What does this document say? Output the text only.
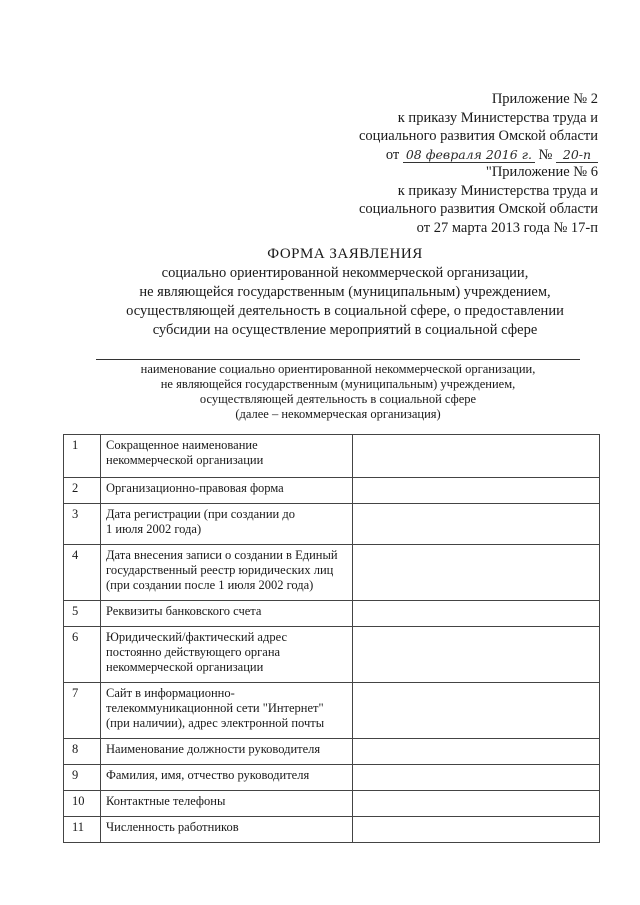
Приложение № 2
к приказу Министерства труда и
социального развития Омской области
от 08 февраля 2016 г. № 20-п
"Приложение № 6
к приказу Министерства труда и
социального развития Омской области
от 27 марта 2013 года № 17-п
ФОРМА ЗАЯВЛЕНИЯ
социально ориентированной некоммерческой организации,
не являющейся государственным (муниципальным) учреждением,
осуществляющей деятельность в социальной сфере, о предоставлении
субсидии на осуществление мероприятий в социальной сфере
наименование социально ориентированной некоммерческой организации,
не являющейся государственным (муниципальным) учреждением,
осуществляющей деятельность в социальной сфере
(далее – некоммерческая организация)
1	Сокращенное наименование
некоммерческой организации	

2	Организационно-правовая форма	

3	Дата регистрации (при создании до
1 июля 2002 года)	

4	Дата внесения записи о создании в Единый
государственный реестр юридических лиц
(при создании после 1 июля 2002 года)	

5	Реквизиты банковского счета	

6	Юридический/фактический адрес
постоянно действующего органа
некоммерческой организации	

7	Сайт в информационно-
телекоммуникационной сети "Интернет"
(при наличии), адрес электронной почты	

8	Наименование должности руководителя	

9	Фамилия, имя, отчество руководителя	

10	Контактные телефоны	

11	Численность работников	
